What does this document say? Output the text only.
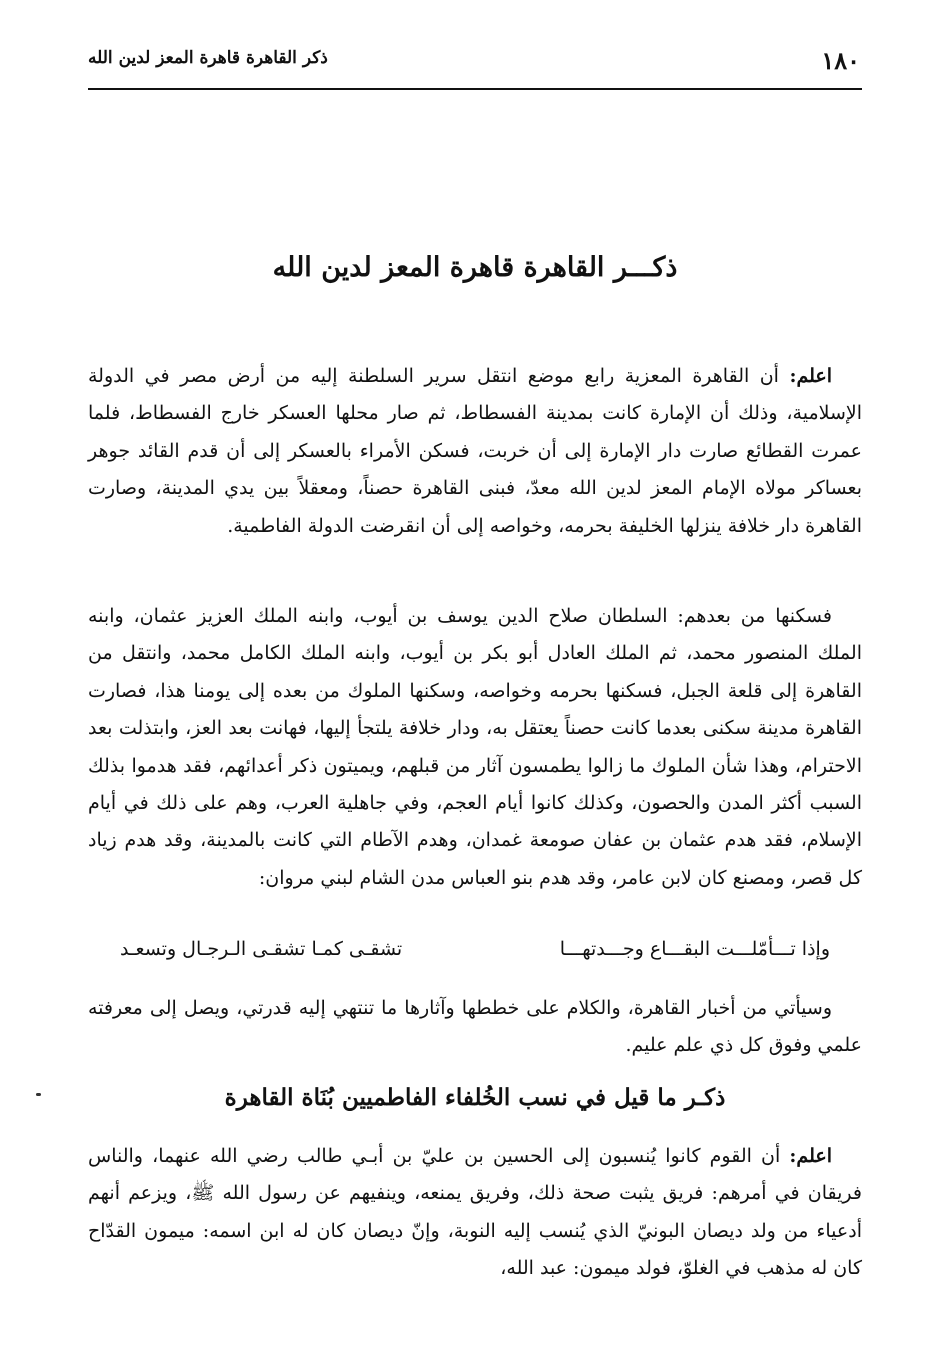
١٨٠
ذكر القاهرة قاهرة المعز لدين الله
ذكـــر القاهرة قاهرة المعز لدين الله

اعلم: أن القاهرة المعزية رابع موضع انتقل سرير السلطنة إليه من أرض مصر في الدولة الإسلامية، وذلك أن الإمارة كانت بمدينة الفسطاط، ثم صار محلها العسكر خارج الفسطاط، فلما عمرت القطائع صارت دار الإمارة إلى أن خربت، فسكن الأمراء بالعسكر إلى أن قدم القائد جوهر بعساكر مولاه الإمام المعز لدين الله معدّ، فبنى القاهرة حصناً، ومعقلاً بين يدي المدينة، وصارت القاهرة دار خلافة ينزلها الخليفة بحرمه، وخواصه إلى أن انقرضت الدولة الفاطمية.

فسكنها من بعدهم: السلطان صلاح الدين يوسف بن أيوب، وابنه الملك العزيز عثمان، وابنه الملك المنصور محمد، ثم الملك العادل أبو بكر بن أيوب، وابنه الملك الكامل محمد، وانتقل من القاهرة إلى قلعة الجبل، فسكنها بحرمه وخواصه، وسكنها الملوك من بعده إلى يومنا هذا، فصارت القاهرة مدينة سكنى بعدما كانت حصناً يعتقل به، ودار خلافة يلتجأ إليها، فهانت بعد العز، وابتذلت بعد الاحترام، وهذا شأن الملوك ما زالوا يطمسون آثار من قبلهم، ويميتون ذكر أعدائهم، فقد هدموا بذلك السبب أكثر المدن والحصون، وكذلك كانوا أيام العجم، وفي جاهلية العرب، وهم على ذلك في أيام الإسلام، فقد هدم عثمان بن عفان صومعة غمدان، وهدم الآطام التي كانت بالمدينة، وقد هدم زياد كل قصر، ومصنع كان لابن عامر، وقد هدم بنو العباس مدن الشام لبني مروان:

وإذا تـــأمّلـــت البقـــاع وجـــدتهـــا
تشقـى كمـا تشقـى الـرجـال وتسعـد

وسيأتي من أخبار القاهرة، والكلام على خططها وآثارها ما تنتهي إليه قدرتي، ويصل إلى معرفته علمي وفوق كل ذي علم عليم.

ذكـر ما قيل في نسب الخُلفاء الفاطميين بُنَاة القاهرة

اعلم: أن القوم كانوا يُنسبون إلى الحسين بن عليّ بن أبـي طالب رضي الله عنهما، والناس فريقان في أمرهم: فريق يثبت صحة ذلك، وفريق يمنعه، وينفيهم عن رسول الله ﷺ، ويزعم أنهم أدعياء من ولد ديصان البونيّ الذي يُنسب إليه النوبة، وإنّ ديصان كان له ابن اسمه: ميمون القدّاح كان له مذهب في الغلوّ، فولد ميمون: عبد الله،
